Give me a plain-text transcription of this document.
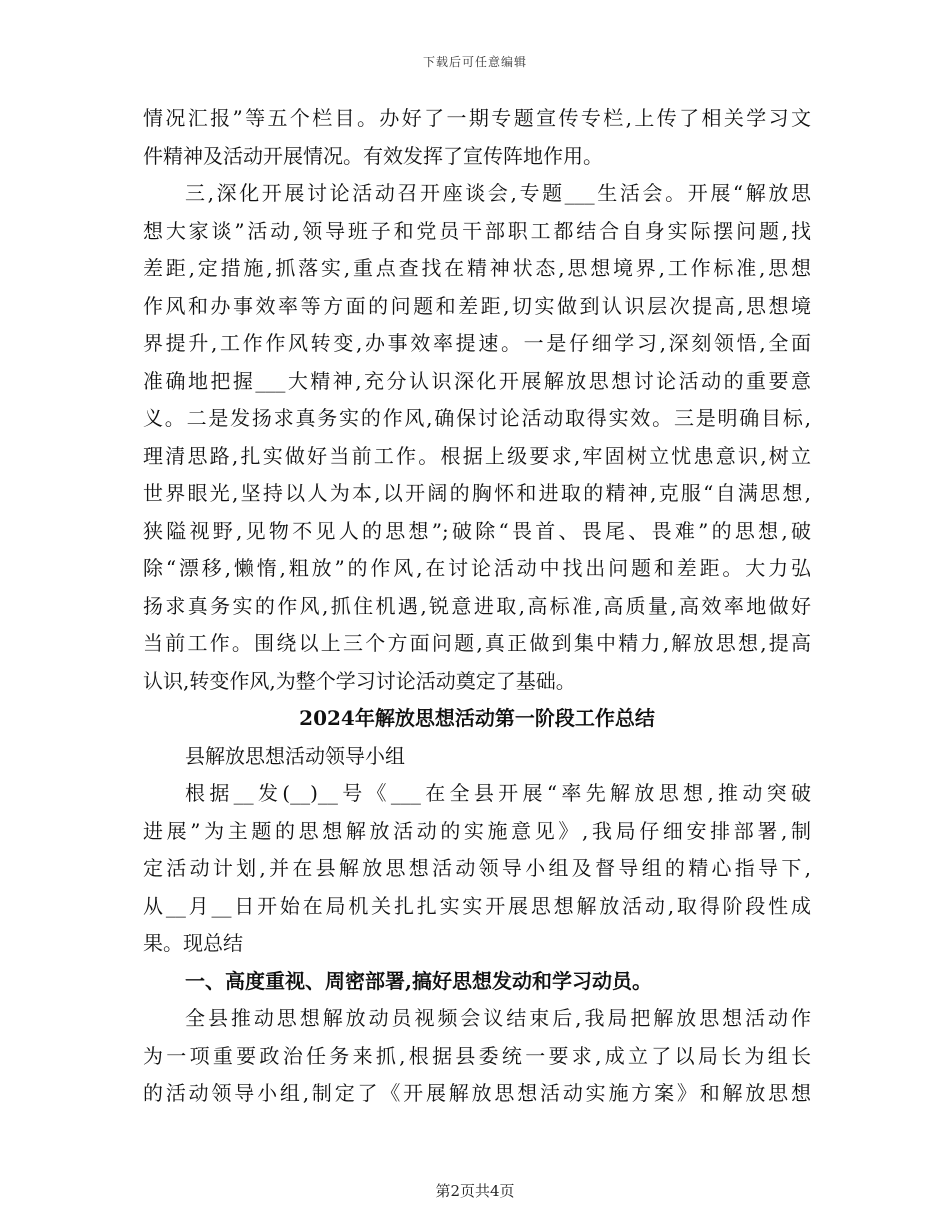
下载后可任意编辑
情况汇报”等五个栏目。办好了一期专题宣传专栏,上传了相关学习文
件精神及活动开展情况。有效发挥了宣传阵地作用。
三,深化开展讨论活动召开座谈会,专题___生活会。开展“解放思
想大家谈”活动,领导班子和党员干部职工都结合自身实际摆问题,找
差距,定措施,抓落实,重点查找在精神状态,思想境界,工作标准,思想
作风和办事效率等方面的问题和差距,切实做到认识层次提高,思想境
界提升,工作作风转变,办事效率提速。一是仔细学习,深刻领悟,全面
准确地把握___大精神,充分认识深化开展解放思想讨论活动的重要意
义。二是发扬求真务实的作风,确保讨论活动取得实效。三是明确目标,
理清思路,扎实做好当前工作。根据上级要求,牢固树立忧患意识,树立
世界眼光,坚持以人为本,以开阔的胸怀和进取的精神,克服“自满思想,
狭隘视野,见物不见人的思想”;破除“畏首、畏尾、畏难”的思想,破
除“漂移,懒惰,粗放”的作风,在讨论活动中找出问题和差距。大力弘
扬求真务实的作风,抓住机遇,锐意进取,高标准,高质量,高效率地做好
当前工作。围绕以上三个方面问题,真正做到集中精力,解放思想,提高
认识,转变作风,为整个学习讨论活动奠定了基础。
2024年解放思想活动第一阶段工作总结
县解放思想活动领导小组
根据__发(__)__号《___在全县开展“率先解放思想,推动突破
进展”为主题的思想解放活动的实施意见》,我局仔细安排部署,制
定活动计划,并在县解放思想活动领导小组及督导组的精心指导下,
从__月__日开始在局机关扎扎实实开展思想解放活动,取得阶段性成
果。现总结
一、高度重视、周密部署,搞好思想发动和学习动员。
全县推动思想解放动员视频会议结束后,我局把解放思想活动作
为一项重要政治任务来抓,根据县委统一要求,成立了以局长为组长
的活动领导小组,制定了《开展解放思想活动实施方案》和解放思想
第2页共4页
